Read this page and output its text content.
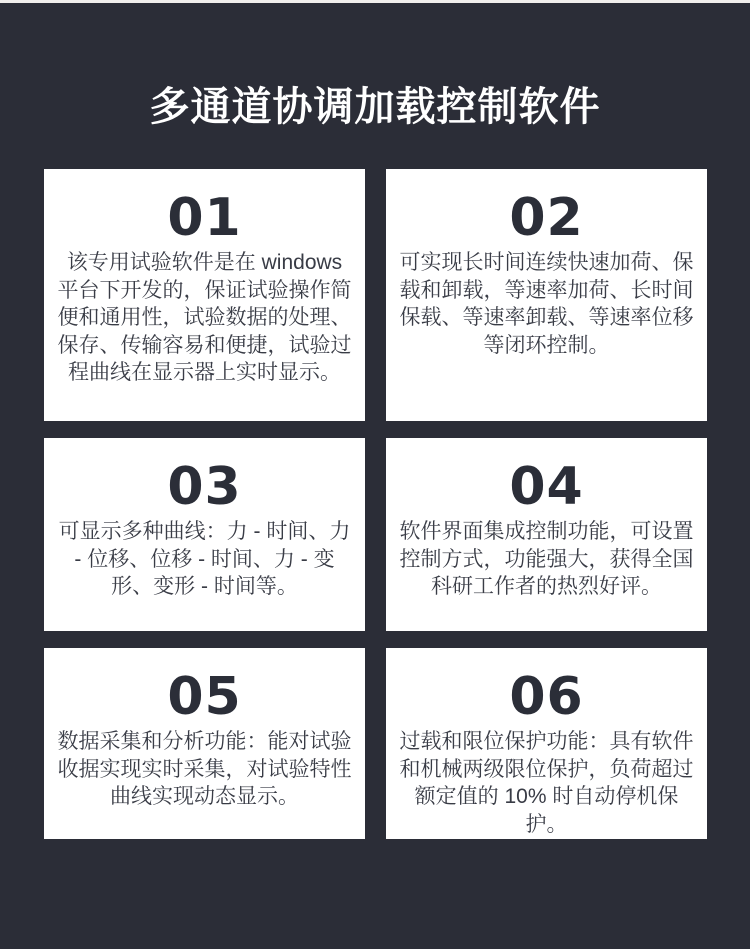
多通道协调加载控制软件
01

该专用试验软件是在 windows 平台下开发的，保证试验操作简便和通用性，试验数据的处理、保存、传输容易和便捷，试验过程曲线在显示器上实时显示。

02

可实现长时间连续快速加荷、保载和卸载，等速率加荷、长时间保载、等速率卸载、等速率位移等闭环控制。

03

可显示多种曲线：力 - 时间、力 - 位移、位移 - 时间、力 - 变形、变形 - 时间等。

04

软件界面集成控制功能，可设置控制方式，功能强大，获得全国科研工作者的热烈好评。

05

数据采集和分析功能：能对试验收据实现实时采集，对试验特性曲线实现动态显示。

06

过载和限位保护功能：具有软件和机械两级限位保护，负荷超过额定值的 10% 时自动停机保护。
